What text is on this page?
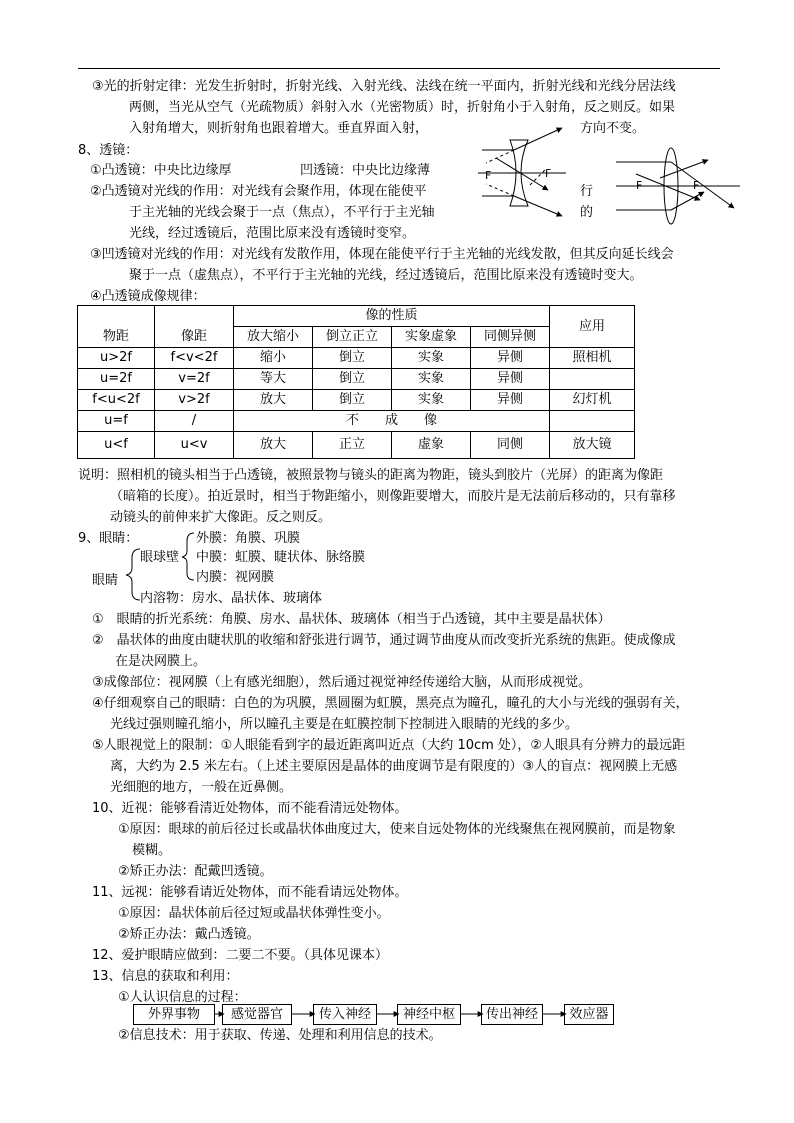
③光的折射定律：光发生折射时，折射光线、入射光线、法线在统一平面内，折射光线和光线分居法线
两侧，当光从空气（光疏物质）斜射入水（光密物质）时，折射角小于入射角，反之则反。如果
入射角增大，则折射角也跟着增大。垂直界面入射，	方向不变。
8、透镜：
①凸透镜：中央比边缘厚	凹透镜：中央比边缘薄
②凸透镜对光线的作用：对光线有会聚作用，体现在能使平	行
于主光轴的光线会聚于一点（焦点），不平行于主光轴	的
光线，经过透镜后，范围比原来没有透镜时变窄。
③凹透镜对光线的作用：对光线有发散作用，体现在能使平行于主光轴的光线发散，但其反向延长线会
聚于一点（虚焦点），不平行于主光轴的光线，经过透镜后，范围比原来没有透镜时变大。
④凸透镜成像规律：
F	F
F	F
		像的性质				应用
物距	像距	放大缩小	倒立正立	实象虚象	同侧异侧	
u>2f	f<v<2f	缩小	倒立	实象	异侧	照相机
u=2f	v=2f	等大	倒立	实象	异侧	
f<u<2f	v>2f	放大	倒立	实象	异侧	幻灯机
u=f	/	不　　成　　像				
u<f	u<v	放大	正立	虚象	同侧	放大镜
说明：照相机的镜头相当于凸透镜，被照景物与镜头的距离为物距，镜头到胶片（光屏）的距离为像距
（暗箱的长度）。拍近景时，相当于物距缩小，则像距要增大，而胶片是无法前后移动的，只有靠移
动镜头的前伸来扩大像距。反之则反。
9、眼睛：	外膜：角膜、巩膜
眼球壁 中膜：虹膜、睫状体、脉络膜
眼睛	内膜：视网膜
内溶物：房水、晶状体、玻璃体
①　眼睛的折光系统：角膜、房水、晶状体、玻璃体（相当于凸透镜，其中主要是晶状体）
②　晶状体的曲度由睫状肌的收缩和舒张进行调节，通过调节曲度从而改变折光系统的焦距。使成像成
在是决网膜上。
③成像部位：视网膜（上有感光细胞），然后通过视觉神经传递给大脑，从而形成视觉。
④仔细观察自己的眼睛：白色的为巩膜，黑圆圈为虹膜，黑亮点为瞳孔，瞳孔的大小与光线的强弱有关，
光线过强则瞳孔缩小，所以瞳孔主要是在虹膜控制下控制进入眼睛的光线的多少。
⑤人眼视觉上的限制：①人眼能看到字的最近距离叫近点（大约 10cm 处），②人眼具有分辨力的最远距
离，大约为 2.5 米左右。（上述主要原因是晶体的曲度调节是有限度的）③人的盲点：视网膜上无感
光细胞的地方，一般在近鼻侧。
10、近视：能够看清近处物体，而不能看清远处物体。
①原因：眼球的前后径过长或晶状体曲度过大，使来自远处物体的光线聚焦在视网膜前，而是物象
模糊。
②矫正办法：配戴凹透镜。
11、远视：能够看请近处物体，而不能看请远处物体。
①原因：晶状体前后径过短或晶状体弹性变小。
②矫正办法：戴凸透镜。
12、爱护眼睛应做到：二要二不要。（具体见课本）
13、信息的获取和利用：
①人认识信息的过程：
外界事物	感觉器官	传入神经	神经中枢	传出神经	效应器
②信息技术：用于获取、传递、处理和利用信息的技术。
